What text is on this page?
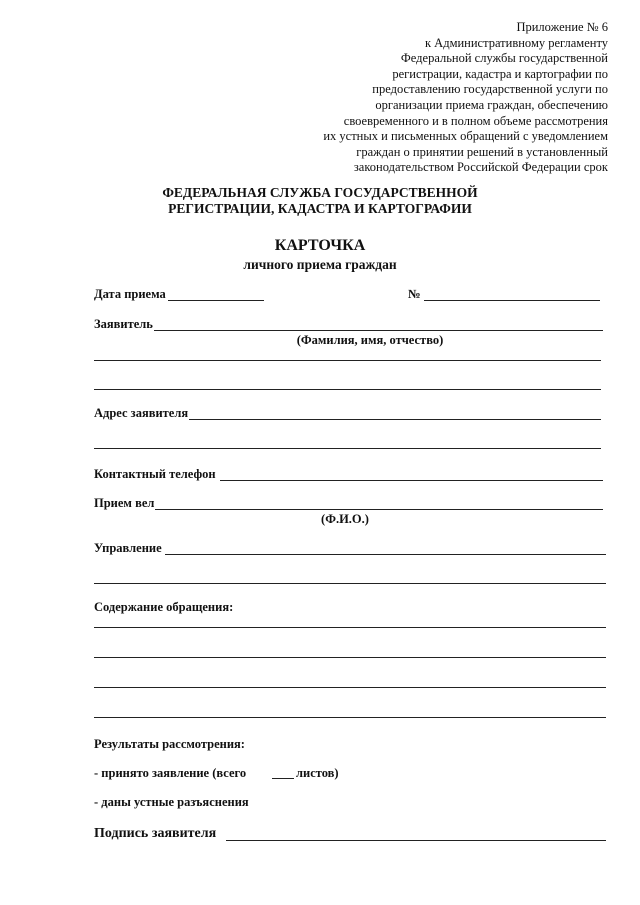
Приложение № 6
к Административному регламенту
Федеральной службы государственной
регистрации, кадастра и картографии по
предоставлению государственной услуги по
организации приема граждан, обеспечению
своевременного и в полном объеме рассмотрения
их устных и письменных обращений с уведомлением
граждан о принятии решений в установленный
законодательством Российской Федерации срок
ФЕДЕРАЛЬНАЯ СЛУЖБА ГОСУДАРСТВЕННОЙ
РЕГИСТРАЦИИ, КАДАСТРА И КАРТОГРАФИИ
КАРТОЧКА
личного приема граждан
Дата приема	№
Заявитель
(Фамилия, имя, отчество)
Адрес заявителя
Контактный телефон
Прием вел
(Ф.И.О.)
Управление
Содержание обращения:
Результаты рассмотрения:
- принято заявление (всего	листов)
- даны устные разъяснения
Подпись заявителя
